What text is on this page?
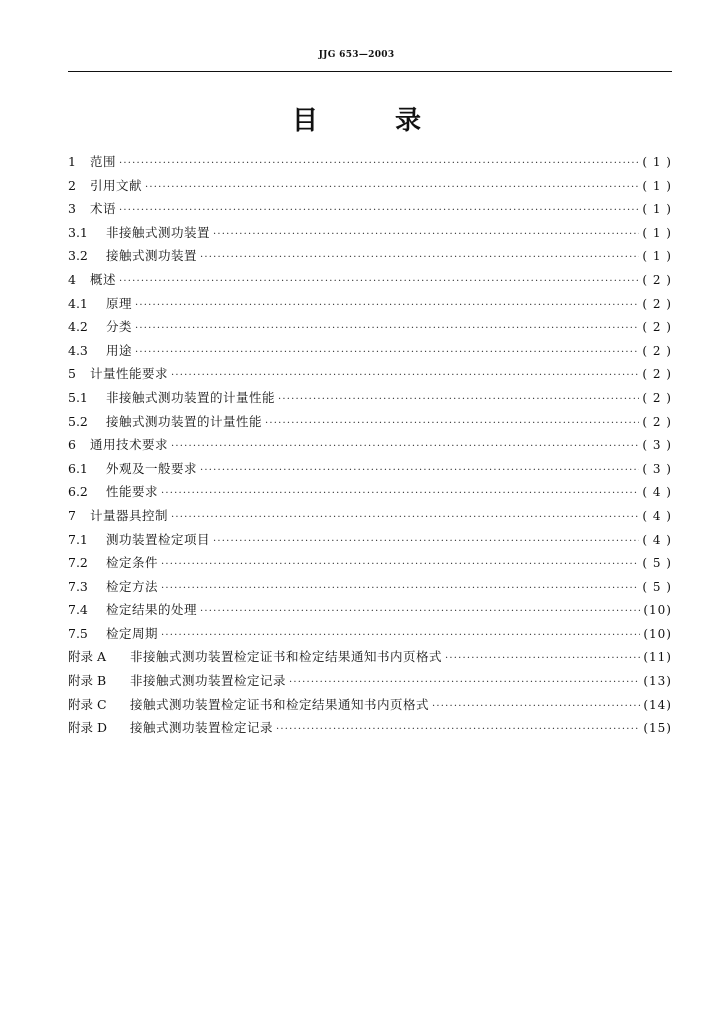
JJG 653—2003
目 录
1	范围 ·····	( 1 )
2	引用文献 ·····	( 1 )
3	术语 ·····	( 1 )
3.1	非接触式测功装置 ·····	( 1 )
3.2	接触式测功装置 ·····	( 1 )
4	概述 ·····	( 2 )
4.1	原理 ·····	( 2 )
4.2	分类 ·····	( 2 )
4.3	用途 ·····	( 2 )
5	计量性能要求 ·····	( 2 )
5.1	非接触式测功装置的计量性能 ·····	( 2 )
5.2	接触式测功装置的计量性能 ·····	( 2 )
6	通用技术要求 ·····	( 3 )
6.1	外观及一般要求 ·····	( 3 )
6.2	性能要求 ·····	( 4 )
7	计量器具控制 ·····	( 4 )
7.1	测功装置检定项目 ·····	( 4 )
7.2	检定条件 ·····	( 5 )
7.3	检定方法 ·····	( 5 )
7.4	检定结果的处理 ·····	(10)
7.5	检定周期 ·····	(10)
附录 A	非接触式测功装置检定证书和检定结果通知书内页格式 ·····	(11)
附录 B	非接触式测功装置检定记录 ·····	(13)
附录 C	接触式测功装置检定证书和检定结果通知书内页格式 ·····	(14)
附录 D	接触式测功装置检定记录 ·····	(15)
